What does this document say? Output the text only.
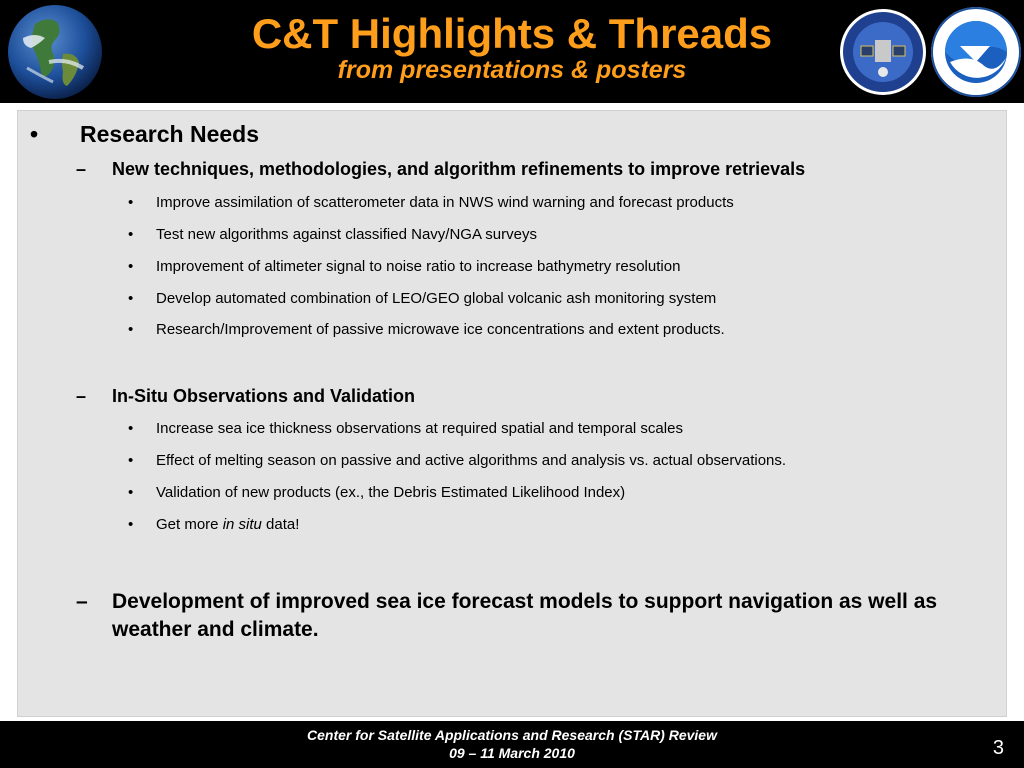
C&T Highlights & Threads
from presentations & posters
•	Research Needs
–	New techniques, methodologies, and algorithm refinements to improve retrievals
•	Improve assimilation of scatterometer data in NWS wind warning and forecast products
•	Test new algorithms against classified Navy/NGA surveys
•	Improvement of altimeter signal to noise ratio to increase bathymetry resolution
•	Develop automated combination of LEO/GEO global volcanic ash monitoring system
•	Research/Improvement of passive microwave ice concentrations and extent products.
–	In-Situ Observations and Validation
•	Increase sea ice thickness observations at required spatial and temporal scales
•	Effect of melting season on passive and active algorithms and analysis vs. actual observations.
•	Validation of new products (ex., the Debris Estimated Likelihood Index)
•	Get more in situ data!
–	Development of improved sea ice forecast models to support navigation as well as weather and climate.
Center for Satellite Applications and Research (STAR) Review
09 – 11 March 2010	3
